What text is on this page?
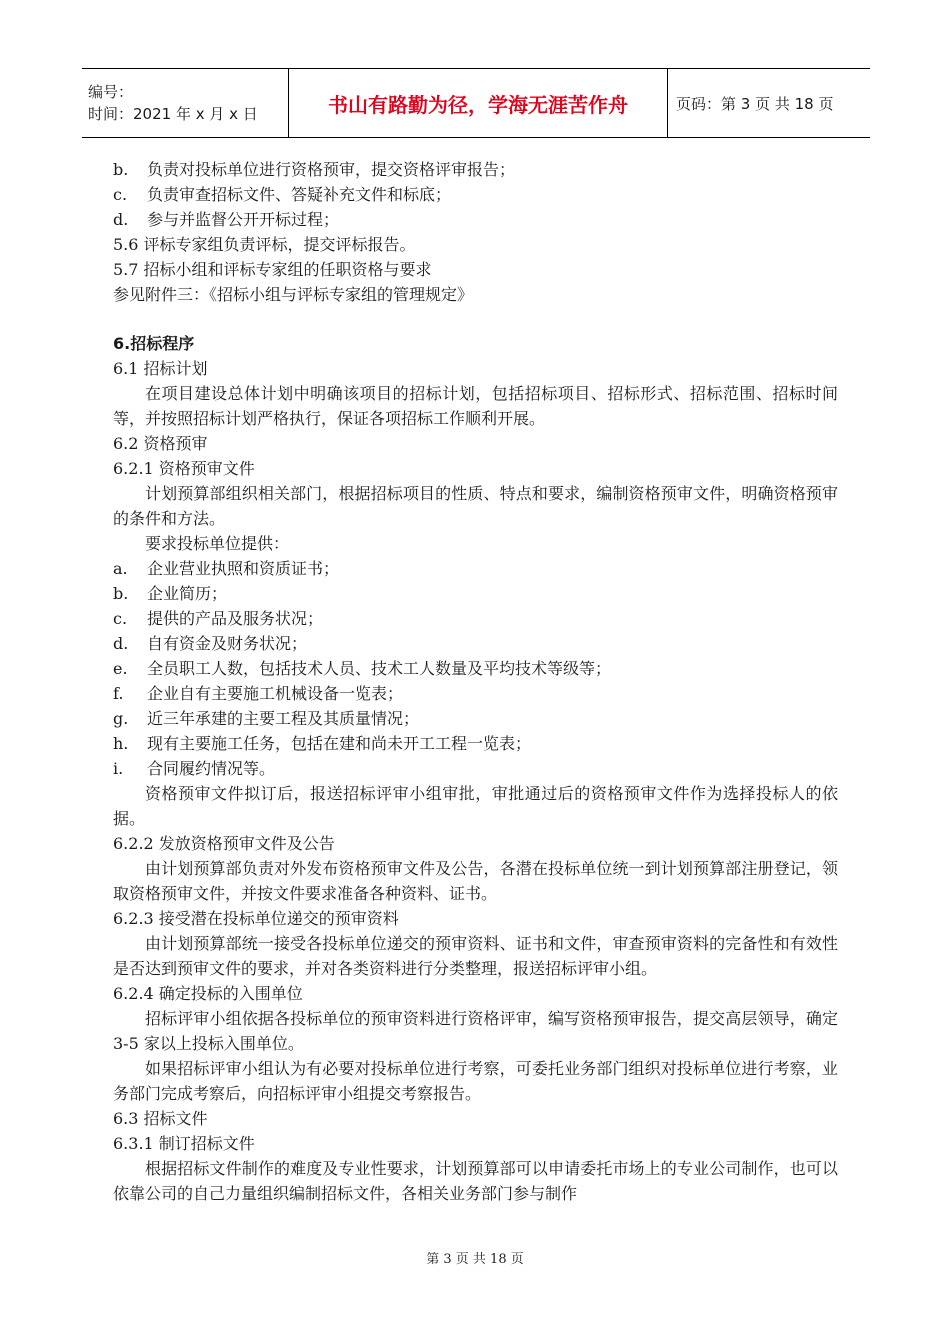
编号：
时间：2021 年 x 月 x 日	书山有路勤为径，学海无涯苦作舟	页码：第 3 页 共 18 页

b. 负责对投标单位进行资格预审，提交资格评审报告；

c. 负责审查招标文件、答疑补充文件和标底；

d. 参与并监督公开开标过程；

5.6 评标专家组负责评标，提交评标报告。

5.7 招标小组和评标专家组的任职资格与要求

参见附件三：《招标小组与评标专家组的管理规定》

6.招标程序

6.1 招标计划

在项目建设总体计划中明确该项目的招标计划，包括招标项目、招标形式、招标范围、招标时间等，并按照招标计划严格执行，保证各项招标工作顺利开展。

6.2 资格预审

6.2.1 资格预审文件

计划预算部组织相关部门，根据招标项目的性质、特点和要求，编制资格预审文件，明确资格预审的条件和方法。

要求投标单位提供：

a. 企业营业执照和资质证书；

b. 企业简历；

c. 提供的产品及服务状况；

d. 自有资金及财务状况；

e. 全员职工人数，包括技术人员、技术工人数量及平均技术等级等；

f. 企业自有主要施工机械设备一览表；

g. 近三年承建的主要工程及其质量情况；

h. 现有主要施工任务，包括在建和尚未开工工程一览表；

i. 合同履约情况等。

资格预审文件拟订后，报送招标评审小组审批，审批通过后的资格预审文件作为选择投标人的依据。

6.2.2 发放资格预审文件及公告

由计划预算部负责对外发布资格预审文件及公告，各潜在投标单位统一到计划预算部注册登记，领取资格预审文件，并按文件要求准备各种资料、证书。

6.2.3 接受潜在投标单位递交的预审资料

由计划预算部统一接受各投标单位递交的预审资料、证书和文件，审查预审资料的完备性和有效性是否达到预审文件的要求，并对各类资料进行分类整理，报送招标评审小组。

6.2.4 确定投标的入围单位

招标评审小组依据各投标单位的预审资料进行资格评审，编写资格预审报告，提交高层领导，确定 3-5 家以上投标入围单位。

如果招标评审小组认为有必要对投标单位进行考察，可委托业务部门组织对投标单位进行考察，业务部门完成考察后，向招标评审小组提交考察报告。

6.3 招标文件

6.3.1 制订招标文件

根据招标文件制作的难度及专业性要求，计划预算部可以申请委托市场上的专业公司制作，也可以依靠公司的自己力量组织编制招标文件，各相关业务部门参与制作

第 3 页 共 18 页
